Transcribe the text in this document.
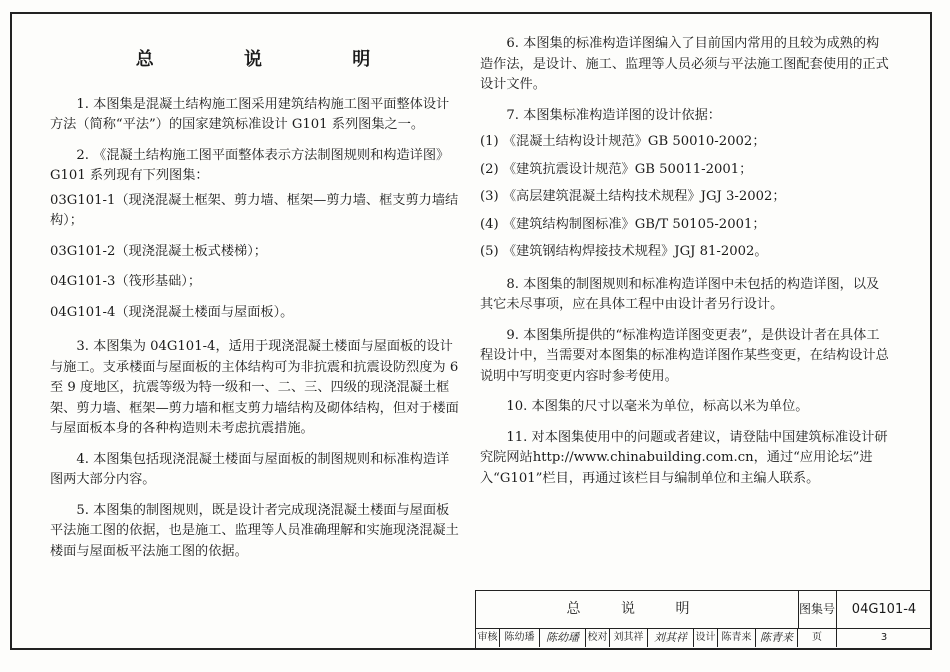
总 说 明
1. 本图集是混凝土结构施工图采用建筑结构施工图平面整体设计方法（简称“平法”）的国家建筑标准设计 G101 系列图集之一。
2. 《混凝土结构施工图平面整体表示方法制图规则和构造详图》G101 系列现有下列图集：
03G101-1（现浇混凝土框架、剪力墙、框架—剪力墙、框支剪力墙结构）；
03G101-2（现浇混凝土板式楼梯）；
04G101-3（筏形基础）；
04G101-4（现浇混凝土楼面与屋面板）。
3. 本图集为 04G101-4，适用于现浇混凝土楼面与屋面板的设计与施工。支承楼面与屋面板的主体结构可为非抗震和抗震设防烈度为 6 至 9 度地区，抗震等级为特一级和一、二、三、四级的现浇混凝土框架、剪力墙、框架—剪力墙和框支剪力墙结构及砌体结构，但对于楼面与屋面板本身的各种构造则未考虑抗震措施。
4. 本图集包括现浇混凝土楼面与屋面板的制图规则和标准构造详图两大部分内容。
5. 本图集的制图规则，既是设计者完成现浇混凝土楼面与屋面板平法施工图的依据，也是施工、监理等人员准确理解和实施现浇混凝土楼面与屋面板平法施工图的依据。
6. 本图集的标准构造详图编入了目前国内常用的且较为成熟的构造作法，是设计、施工、监理等人员必须与平法施工图配套使用的正式设计文件。
7. 本图集标准构造详图的设计依据：
(1) 《混凝土结构设计规范》GB 50010-2002；
(2) 《建筑抗震设计规范》GB 50011-2001；
(3) 《高层建筑混凝土结构技术规程》JGJ 3-2002；
(4) 《建筑结构制图标准》GB/T 50105-2001；
(5) 《建筑钢结构焊接技术规程》JGJ 81-2002。
8. 本图集的制图规则和标准构造详图中未包括的构造详图，以及其它未尽事项，应在具体工程中由设计者另行设计。
9. 本图集所提供的“标准构造详图变更表”，是供设计者在具体工程设计中，当需要对本图集的标准构造详图作某些变更，在结构设计总说明中写明变更内容时参考使用。
10. 本图集的尺寸以毫米为单位，标高以米为单位。
11. 对本图集使用中的问题或者建议，请登陆中国建筑标准设计研究院网站http://www.chinabuilding.com.cn，通过“应用论坛”进入“G101”栏目，再通过该栏目与编制单位和主编人联系。
总 说 明	图集号	04G101-4
审核 陈幼璠	陈幼璠 校对 刘其祥 刘其祥 设计 陈青来 陈青来	页	3
